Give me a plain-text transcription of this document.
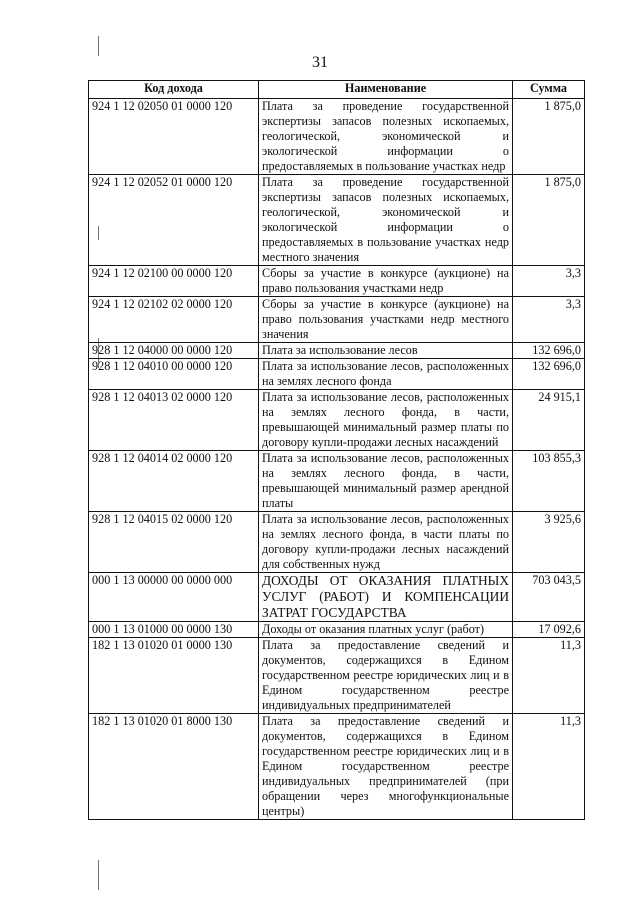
31
Код дохода	Наименование	Сумма
924 1 12 02050 01 0000 120	Плата за проведение государственной экспертизы запасов полезных ископаемых, геологической, экономической и экологической информации о предоставляемых в пользование участках недр	1 875,0
924 1 12 02052 01 0000 120	Плата за проведение государственной экспертизы запасов полезных ископаемых, геологической, экономической и экологической информации о предоставляемых в пользование участках недр местного значения	1 875,0
924 1 12 02100 00 0000 120	Сборы за участие в конкурсе (аукционе) на право пользования участками недр	3,3
924 1 12 02102 02 0000 120	Сборы за участие в конкурсе (аукционе) на право пользования участками недр местного значения	3,3
928 1 12 04000 00 0000 120	Плата за использование лесов	132 696,0
928 1 12 04010 00 0000 120	Плата за использование лесов, расположенных на землях лесного фонда	132 696,0
928 1 12 04013 02 0000 120	Плата за использование лесов, расположенных на землях лесного фонда, в части, превышающей минимальный размер платы по договору купли-продажи лесных насаждений	24 915,1
928 1 12 04014 02 0000 120	Плата за использование лесов, расположенных на землях лесного фонда, в части, превышающей минимальный размер арендной платы	103 855,3
928 1 12 04015 02 0000 120	Плата за использование лесов, расположенных на землях лесного фонда, в части платы по договору купли-продажи лесных насаждений для собственных нужд	3 925,6
000 1 13 00000 00 0000 000	ДОХОДЫ ОТ ОКАЗАНИЯ ПЛАТНЫХ УСЛУГ (РАБОТ) И КОМПЕНСАЦИИ ЗАТРАТ ГОСУДАРСТВА	703 043,5
000 1 13 01000 00 0000 130	Доходы от оказания платных услуг (работ)	17 092,6
182 1 13 01020 01 0000 130	Плата за предоставление сведений и документов, содержащихся в Едином государственном реестре юридических лиц и в Едином государственном реестре индивидуальных предпринимателей	11,3
182 1 13 01020 01 8000 130	Плата за предоставление сведений и документов, содержащихся в Едином государственном реестре юридических лиц и в Едином государственном реестре индивидуальных предпринимателей (при обращении через многофункциональные центры)	11,3
